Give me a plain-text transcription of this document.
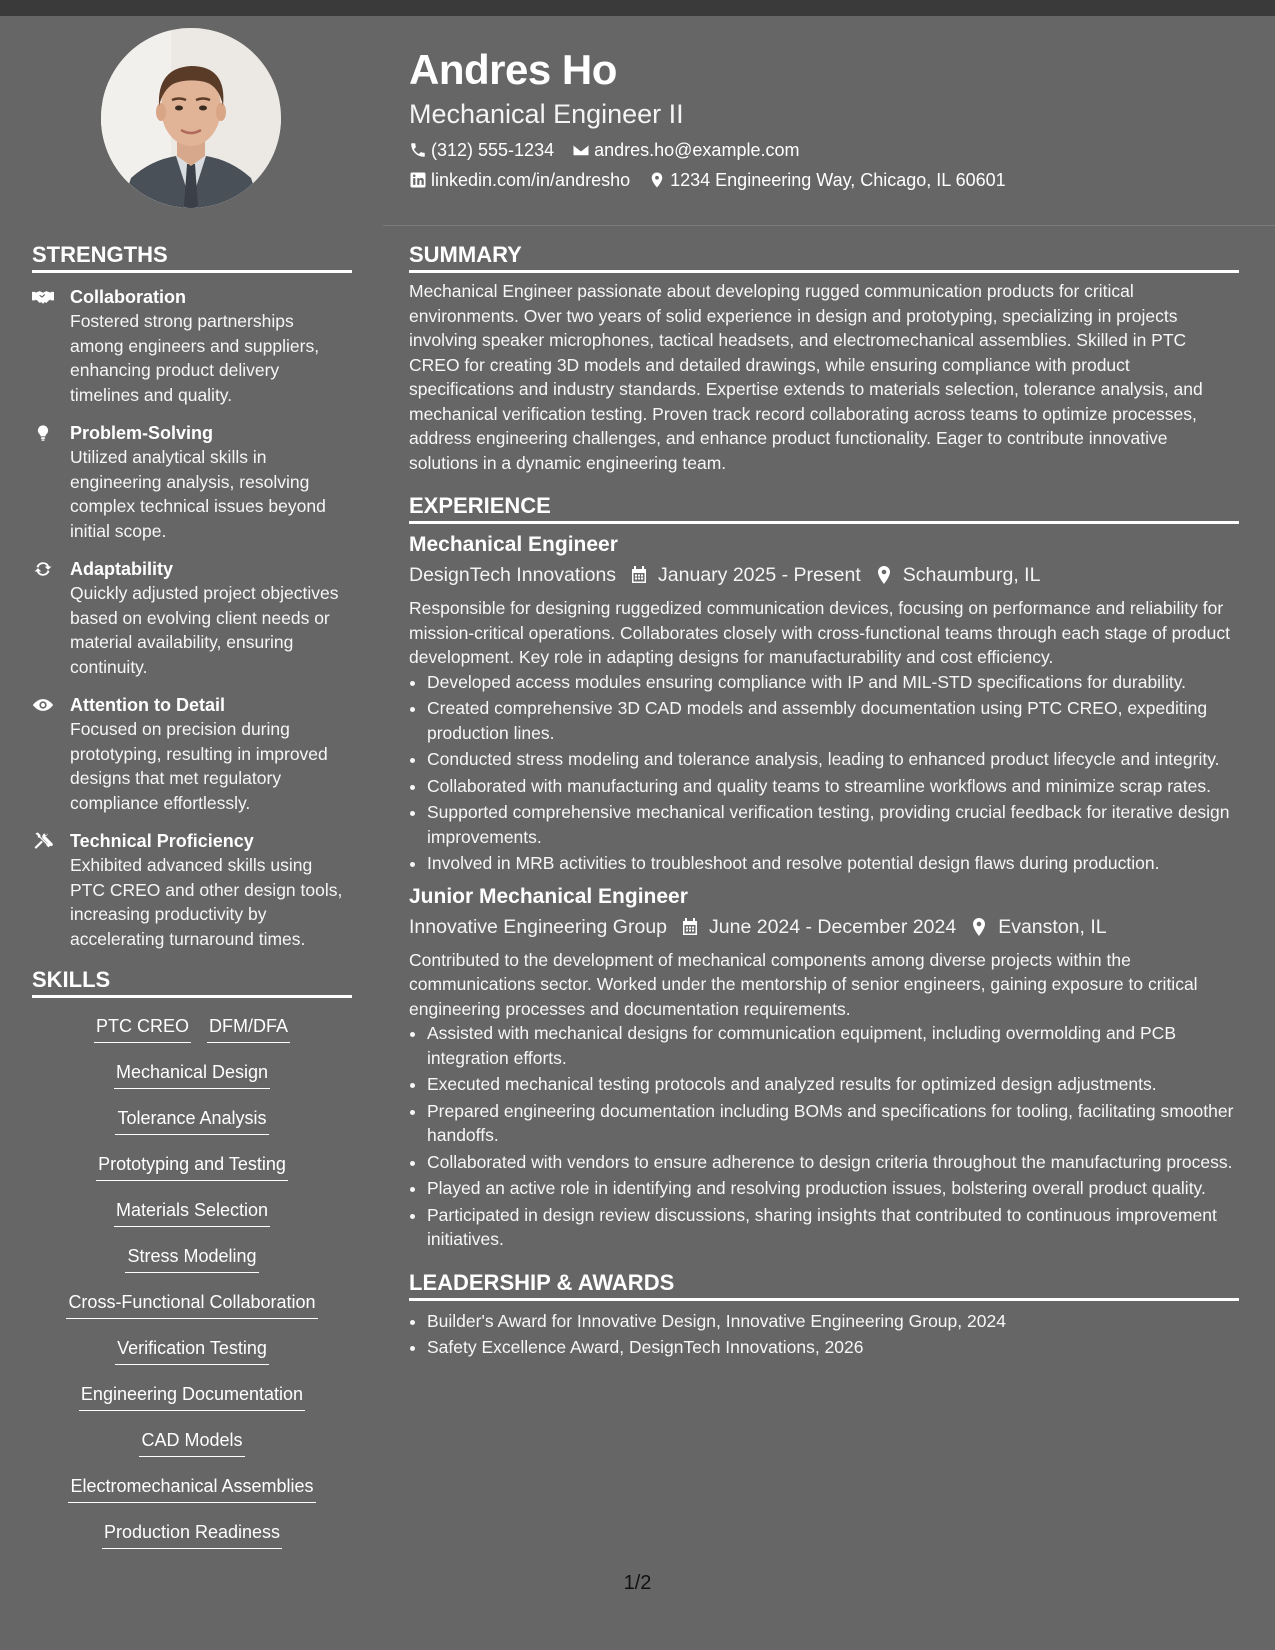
Andres Ho
Mechanical Engineer II
(312) 555-1234 andres.ho@example.com
linkedin.com/in/andresho 1234 Engineering Way, Chicago, IL 60601
STRENGTHS
Collaboration
Fostered strong partnerships among engineers and suppliers, enhancing product delivery timelines and quality.
Problem-Solving
Utilized analytical skills in engineering analysis, resolving complex technical issues beyond initial scope.
Adaptability
Quickly adjusted project objectives based on evolving client needs or material availability, ensuring continuity.
Attention to Detail
Focused on precision during prototyping, resulting in improved designs that met regulatory compliance effortlessly.
Technical Proficiency
Exhibited advanced skills using PTC CREO and other design tools, increasing productivity by accelerating turnaround times.
SKILLS
PTC CREO DFM/DFA
Mechanical Design
Tolerance Analysis
Prototyping and Testing
Materials Selection
Stress Modeling
Cross-Functional Collaboration
Verification Testing
Engineering Documentation
CAD Models
Electromechanical Assemblies
Production Readiness
SUMMARY

Mechanical Engineer passionate about developing rugged communication products for critical environments. Over two years of solid experience in design and prototyping, specializing in projects involving speaker microphones, tactical headsets, and electromechanical assemblies. Skilled in PTC CREO for creating 3D models and detailed drawings, while ensuring compliance with product specifications and industry standards. Expertise extends to materials selection, tolerance analysis, and mechanical verification testing. Proven track record collaborating across teams to optimize processes, address engineering challenges, and enhance product functionality. Eager to contribute innovative solutions in a dynamic engineering team.

EXPERIENCE
Mechanical Engineer
DesignTech Innovations January 2025 - Present Schaumburg, IL

Responsible for designing ruggedized communication devices, focusing on performance and reliability for mission-critical operations. Collaborates closely with cross-functional teams through each stage of product development. Key role in adapting designs for manufacturability and cost efficiency.

• Developed access modules ensuring compliance with IP and MIL-STD specifications for durability.
• Created comprehensive 3D CAD models and assembly documentation using PTC CREO, expediting production lines.
• Conducted stress modeling and tolerance analysis, leading to enhanced product lifecycle and integrity.
• Collaborated with manufacturing and quality teams to streamline workflows and minimize scrap rates.
• Supported comprehensive mechanical verification testing, providing crucial feedback for iterative design improvements.
• Involved in MRB activities to troubleshoot and resolve potential design flaws during production.
Junior Mechanical Engineer
Innovative Engineering Group June 2024 - December 2024 Evanston, IL

Contributed to the development of mechanical components among diverse projects within the communications sector. Worked under the mentorship of senior engineers, gaining exposure to critical engineering processes and documentation requirements.

• Assisted with mechanical designs for communication equipment, including overmolding and PCB integration efforts.
• Executed mechanical testing protocols and analyzed results for optimized design adjustments.
• Prepared engineering documentation including BOMs and specifications for tooling, facilitating smoother handoffs.
• Collaborated with vendors to ensure adherence to design criteria throughout the manufacturing process.
• Played an active role in identifying and resolving production issues, bolstering overall product quality.
• Participated in design review discussions, sharing insights that contributed to continuous improvement initiatives.
LEADERSHIP & AWARDS
• Builder's Award for Innovative Design, Innovative Engineering Group, 2024
• Safety Excellence Award, DesignTech Innovations, 2026
1/2
